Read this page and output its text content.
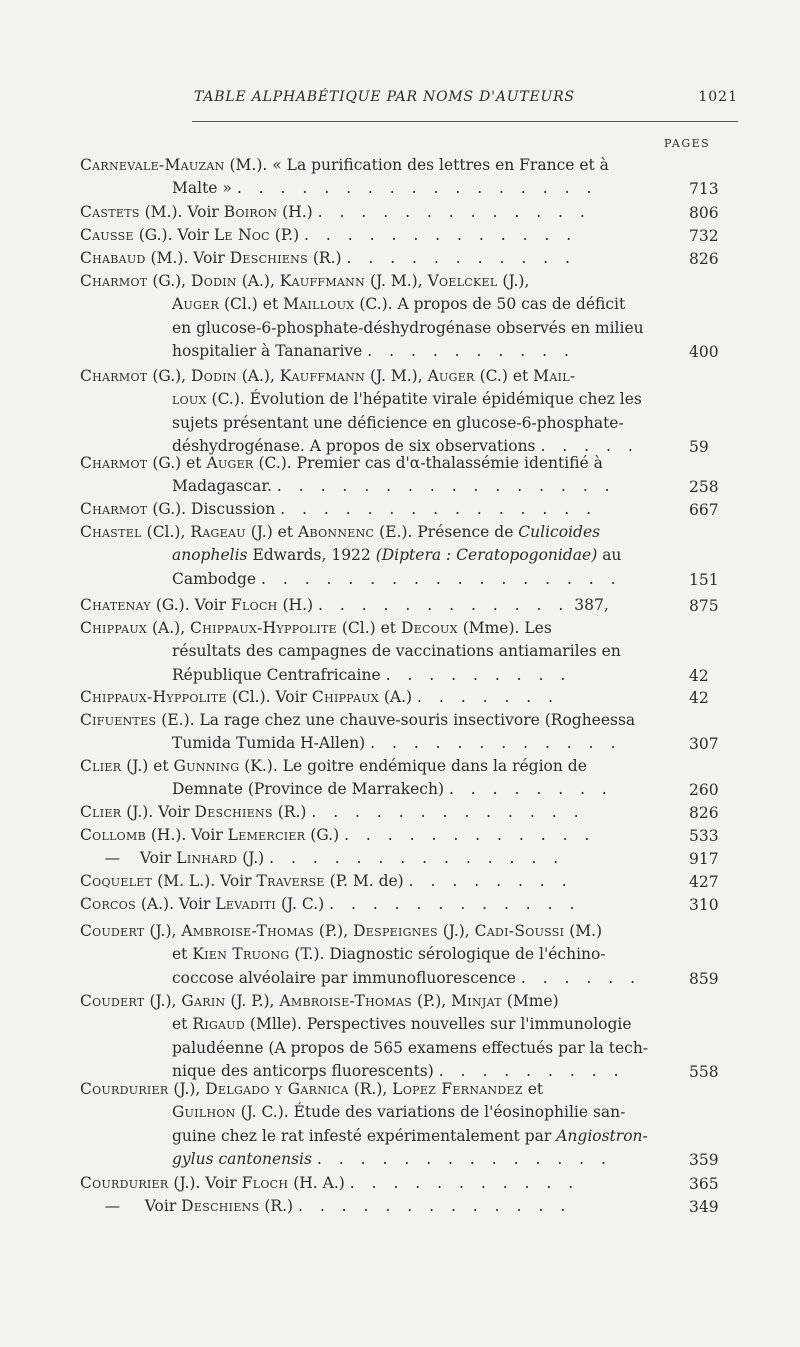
TABLE ALPHABÉTIQUE PAR NOMS D'AUTEURS	1021
PAGES
Carnevale-Mauzan (M.). « La purification des lettres en France et à
Malte » . . . . . . . . . . . . . . . . .	713
Castets (M.). Voir Boiron (H.) . . . . . . . . . . . . .	806
Causse (G.). Voir Le Noc (P.) . . . . . . . . . . . . .	732
Chabaud (M.). Voir Deschiens (R.) . . . . . . . . . . .	826
Charmot (G.), Dodin (A.), Kauffmann (J. M.), Voelckel (J.),
Auger (Cl.) et Mailloux (C.). A propos de 50 cas de déficit
en glucose-6-phosphate-déshydrogénase observés en milieu
hospitalier à Tananarive . . . . . . . . . .	400
Charmot (G.), Dodin (A.), Kauffmann (J. M.), Auger (C.) et Mail-
loux (C.). Évolution de l'hépatite virale épidémique chez les
sujets présentant une déficience en glucose-6-phosphate-
déshydrogénase. A propos de six observations . . . . .	59
Charmot (G.) et Auger (C.). Premier cas d'α-thalassémie identifié à
Madagascar. . . . . . . . . . . . . . . . .	258
Charmot (G.). Discussion . . . . . . . . . . . . . . .	667
Chastel (Cl.), Rageau (J.) et Abonnenc (E.). Présence de Culicoides
anophelis Edwards, 1922 (Diptera : Ceratopogonidae) au
Cambodge . . . . . . . . . . . . . . . . .	151
Chatenay (G.). Voir Floch (H.) . . . . . . . . . . . . 387,	875
Chippaux (A.), Chippaux-Hyppolite (Cl.) et Decoux (Mme). Les
résultats des campagnes de vaccinations antiamariles en
République Centrafricaine . . . . . . . . .	42
Chippaux-Hyppolite (Cl.). Voir Chippaux (A.) . . . . . . .	42
Cifuentes (E.). La rage chez une chauve-souris insectivore (Rogheessa
Tumida Tumida H-Allen) . . . . . . . . . . . .	307
Clier (J.) et Gunning (K.). Le goitre endémique dans la région de
Demnate (Province de Marrakech) . . . . . . . .	260
Clier (J.). Voir Deschiens (R.) . . . . . . . . . . . . .	826
Collomb (H.). Voir Lemercier (G.) . . . . . . . . . . . .	533
—    Voir Linhard (J.) . . . . . . . . . . . . . .	917
Coquelet (M. L.). Voir Traverse (P. M. de) . . . . . . . .	427
Corcos (A.). Voir Levaditi (J. C.) . . . . . . . . . . . .	310
Coudert (J.), Ambroise-Thomas (P.), Despeignes (J.), Cadi-Soussi (M.)
et Kien Truong (T.). Diagnostic sérologique de l'échino-
coccose alvéolaire par immunofluorescence . . . . . .	859
Coudert (J.), Garin (J. P.), Ambroise-Thomas (P.), Minjat (Mme)
et Rigaud (Mlle). Perspectives nouvelles sur l'immunologie
paludéenne (A propos de 565 examens effectués par la tech-
nique des anticorps fluorescents) . . . . . . . . .	558
Courdurier (J.), Delgado y Garnica (R.), Lopez Fernandez et
Guilhon (J. C.). Étude des variations de l'éosinophilie san-
guine chez le rat infesté expérimentalement par Angiostron-
gylus cantonensis . . . . . . . . . . . . . .	359
Courdurier (J.). Voir Floch (H. A.) . . . . . . . . . . .	365
—     Voir Deschiens (R.) . . . . . . . . . . . . .	349
